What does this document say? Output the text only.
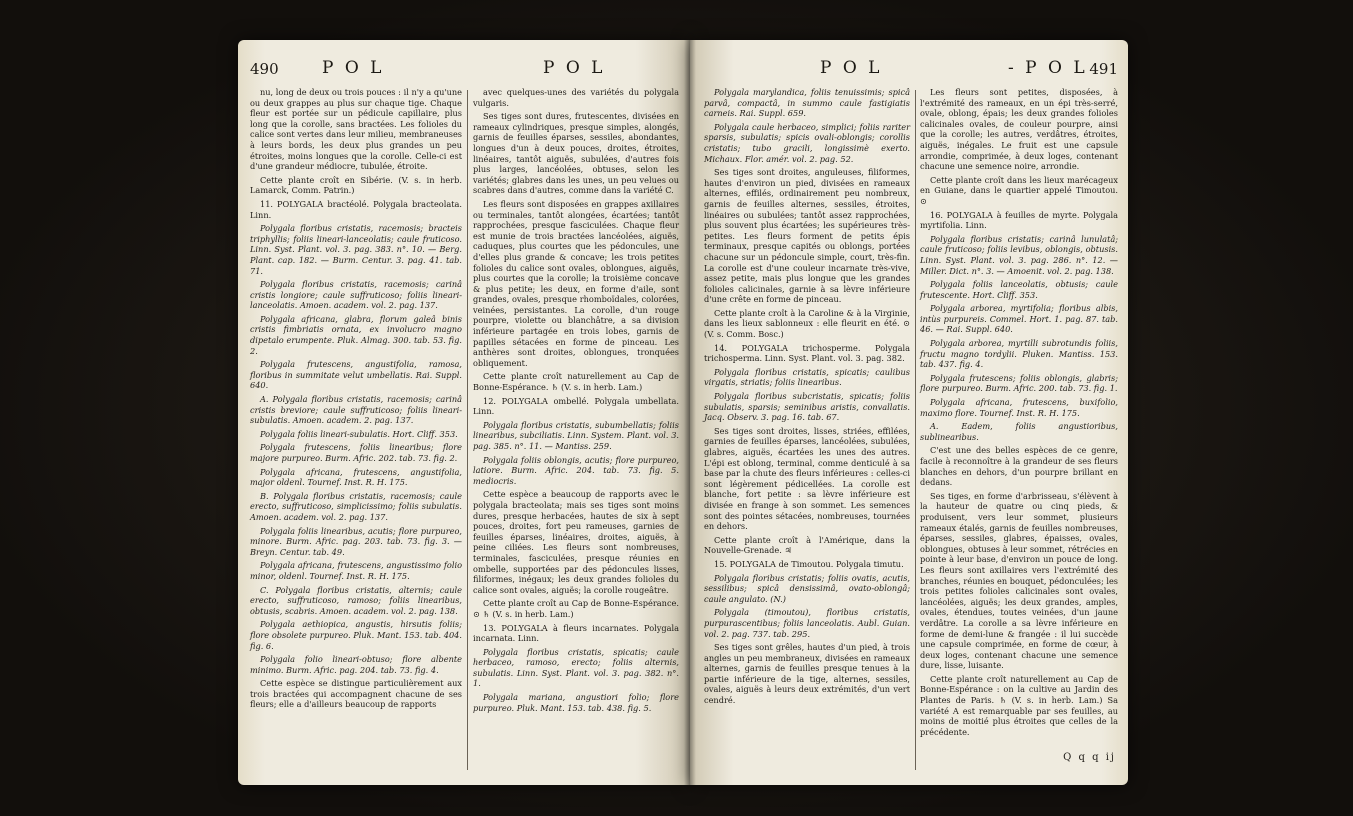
490	P O L	P O L

nu, long de deux ou trois pouces : il n'y a qu'une ou deux grappes au plus sur chaque tige. Chaque fleur est portée sur un pédicule capillaire, plus long que la corolle, sans bractées. Les folioles du calice sont vertes dans leur milieu, membraneuses à leurs bords, les deux plus grandes un peu étroites, moins longues que la corolle. Celle-ci est d'une grandeur médiocre, tubulée, étroite.

Cette plante croît en Sibérie. (V. s. in herb. Lamarck, Comm. Patrin.)

11. POLYGALA bractéolé. Polygala bracteolata. Linn.

Polygala floribus cristatis, racemosis; bracteis triphyllis; foliis lineari-lanceolatis; caule fruticoso. Linn. Syst. Plant. vol. 3. pag. 383. n°. 10. — Berg. Plant. cap. 182. — Burm. Centur. 3. pag. 41. tab. 71.

Polygala floribus cristatis, racemosis; carinâ cristis longiore; caule suffruticoso; foliis lineari-lanceolatis. Amoen. academ. vol. 2. pag. 137.

Polygala africana, glabra, florum galeâ binis cristis fimbriatis ornata, ex involucro magno dipetalo erumpente. Pluk. Almag. 300. tab. 53. fig. 2.

Polygala frutescens, angustifolia, ramosa, floribus in summitate velut umbellatis. Rai. Suppl. 640.

A. Polygala floribus cristatis, racemosis; carinâ cristis breviore; caule suffruticoso; foliis lineari-subulatis. Amoen. academ. 2. pag. 137.

Polygala foliis lineari-subulatis. Hort. Cliff. 353.

Polygala frutescens, foliis linearibus; flore majore purpureo. Burm. Afric. 202. tab. 73. fig. 2.

Polygala africana, frutescens, angustifolia, major oldenl. Tournef. Inst. R. H. 175.

B. Polygala floribus cristatis, racemosis; caule erecto, suffruticoso, simplicissimo; foliis subulatis. Amoen. academ. vol. 2. pag. 137.

Polygala foliis linearibus, acutis; flore purpureo, minore. Burm. Afric. pag. 203. tab. 73. fig. 3. — Breyn. Centur. tab. 49.

Polygala africana, frutescens, angustissimo folio minor, oldenl. Tournef. Inst. R. H. 175.

C. Polygala floribus cristatis, alternis; caule erecto, suffruticoso, ramoso; foliis linearibus, obtusis, scabris. Amoen. academ. vol. 2. pag. 138.

Polygala aethiopica, angustis, hirsutis foliis; flore obsolete purpureo. Pluk. Mant. 153. tab. 404. fig. 6.

Polygala folio lineari-obtuso; flore albente minimo. Burm. Afric. pag. 204. tab. 73. fig. 4.

Cette espèce se distingue particulièrement aux trois bractées qui accompagnent chacune de ses fleurs; elle a d'ailleurs beaucoup de rapports

avec quelques-unes des variétés du polygala vulgaris.

Ses tiges sont dures, frutescentes, divisées en rameaux cylindriques, presque simples, alongés, garnis de feuilles éparses, sessiles, abondantes, longues d'un à deux pouces, droites, étroites, linéaires, tantôt aiguës, subulées, d'autres fois plus larges, lancéolées, obtuses, selon les variétés; glabres dans les unes, un peu velues ou scabres dans d'autres, comme dans la variété C.

Les fleurs sont disposées en grappes axillaires ou terminales, tantôt alongées, écartées; tantôt rapprochées, presque fasciculées. Chaque fleur est munie de trois bractées lancéolées, aiguës, caduques, plus courtes que les pédoncules, une d'elles plus grande & concave; les trois petites folioles du calice sont ovales, oblongues, aiguës, plus courtes que la corolle; la troisième concave & plus petite; les deux, en forme d'aile, sont grandes, ovales, presque rhomboïdales, colorées, veinées, persistantes. La corolle, d'un rouge pourpre, violette ou blanchâtre, a sa division inférieure partagée en trois lobes, garnis de papilles sétacées en forme de pinceau. Les anthères sont droites, oblongues, tronquées obliquement.

Cette plante croît naturellement au Cap de Bonne-Espérance. ♄ (V. s. in herb. Lam.)

12. POLYGALA ombellé. Polygala umbellata. Linn.

Polygala floribus cristatis, subumbellatis; foliis linearibus, subciliatis. Linn. System. Plant. vol. 3. pag. 385. n°. 11. — Mantiss. 259.

Polygala foliis oblongis, acutis; flore purpureo, latiore. Burm. Afric. 204. tab. 73. fig. 5. mediocris.

Cette espèce a beaucoup de rapports avec le polygala bracteolata; mais ses tiges sont moins dures, presque herbacées, hautes de six à sept pouces, droites, fort peu rameuses, garnies de feuilles éparses, linéaires, droites, aiguës, à peine ciliées. Les fleurs sont nombreuses, terminales, fasciculées, presque réunies en ombelle, supportées par des pédoncules lisses, filiformes, inégaux; les deux grandes folioles du calice sont ovales, aiguës; la corolle rougeâtre.

Cette plante croît au Cap de Bonne-Espérance. ⊙ ♄ (V. s. in herb. Lam.)

13. POLYGALA à fleurs incarnates. Polygala incarnata. Linn.

Polygala floribus cristatis, spicatis; caule herbaceo, ramoso, erecto; foliis alternis, subulatis. Linn. Syst. Plant. vol. 3. pag. 382. n°. 1.

Polygala mariana, angustiori folio; flore purpureo. Pluk. Mant. 153. tab. 438. fig. 5.

P O L	- P O L 491

Polygala marylandica, foliis tenuissimis; spicâ parvâ, compactâ, in summo caule fastigiatis carneis. Rai. Suppl. 659.

Polygala caule herbaceo, simplici; foliis rariter sparsis, subulatis; spicis ovali-oblongis; corollis cristatis; tubo gracili, longissimè exerto. Michaux. Flor. amér. vol. 2. pag. 52.

Ses tiges sont droites, anguleuses, filiformes, hautes d'environ un pied, divisées en rameaux alternes, effilés, ordinairement peu nombreux, garnis de feuilles alternes, sessiles, étroites, linéaires ou subulées; tantôt assez rapprochées, plus souvent plus écartées; les supérieures très-petites. Les fleurs forment de petits épis terminaux, presque capités ou oblongs, portées chacune sur un pédoncule simple, court, très-fin. La corolle est d'une couleur incarnate très-vive, assez petite, mais plus longue que les grandes folioles calicinales, garnie à sa lèvre inférieure d'une crête en forme de pinceau.

Cette plante croît à la Caroline & à la Virginie, dans les lieux sablonneux : elle fleurit en été. ⊙ (V. s. Comm. Bosc.)

14. POLYGALA trichosperme. Polygala trichosperma. Linn. Syst. Plant. vol. 3. pag. 382.

Polygala floribus cristatis, spicatis; caulibus virgatis, striatis; foliis linearibus.

Polygala floribus subcristatis, spicatis; foliis subulatis, sparsis; seminibus aristis, convallatis. Jacq. Observ. 3. pag. 16. tab. 67.

Ses tiges sont droites, lisses, striées, effilées, garnies de feuilles éparses, lancéolées, subulées, glabres, aiguës, écartées les unes des autres. L'épi est oblong, terminal, comme denticulé à sa base par la chute des fleurs inférieures : celles-ci sont légèrement pédicellées. La corolle est blanche, fort petite : sa lèvre inférieure est divisée en frange à son sommet. Les semences sont des pointes sétacées, nombreuses, tournées en dehors.

Cette plante croît à l'Amérique, dans la Nouvelle-Grenade. ♃

15. POLYGALA de Timoutou. Polygala timutu.

Polygala floribus cristatis; foliis ovatis, acutis, sessilibus; spicâ densissimâ, ovato-oblongâ; caule angulato. (N.)

Polygala (timoutou), floribus cristatis, purpurascentibus; foliis lanceolatis. Aubl. Guian. vol. 2. pag. 737. tab. 295.

Ses tiges sont grêles, hautes d'un pied, à trois angles un peu membraneux, divisées en rameaux alternes, garnis de feuilles presque tenues à la partie inférieure de la tige, alternes, sessiles, ovales, aiguës à leurs deux extrémités, d'un vert cendré.

Les fleurs sont petites, disposées, à l'extrémité des rameaux, en un épi très-serré, ovale, oblong, épais; les deux grandes folioles calicinales ovales, de couleur pourpre, ainsi que la corolle; les autres, verdâtres, étroites, aiguës, inégales. Le fruit est une capsule arrondie, comprimée, à deux loges, contenant chacune une semence noire, arrondie.

Cette plante croît dans les lieux marécageux en Guiane, dans le quartier appelé Timoutou. ⊙

16. POLYGALA à feuilles de myrte. Polygala myrtifolia. Linn.

Polygala floribus cristatis; carinâ lunulatâ; caule fruticoso; foliis levibus, oblongis, obtusis. Linn. Syst. Plant. vol. 3. pag. 286. n°. 12. — Miller. Dict. n°. 3. — Amoenit. vol. 2. pag. 138.

Polygala foliis lanceolatis, obtusis; caule frutescente. Hort. Cliff. 353.

Polygala arborea, myrtifolia; floribus albis, intùs purpureis. Commel. Hort. 1. pag. 87. tab. 46. — Rai. Suppl. 640.

Polygala arborea, myrtilli subrotundis foliis, fructu magno tordylii. Pluken. Mantiss. 153. tab. 437. fig. 4.

Polygala frutescens; foliis oblongis, glabris; flore purpureo. Burm. Afric. 200. tab. 73. fig. 1.

Polygala africana, frutescens, buxifolio, maximo flore. Tournef. Inst. R. H. 175.

A. Eadem, foliis angustioribus, sublinearibus.

C'est une des belles espèces de ce genre, facile à reconnoître à la grandeur de ses fleurs blanches en dehors, d'un pourpre brillant en dedans.

Ses tiges, en forme d'arbrisseau, s'élèvent à la hauteur de quatre ou cinq pieds, & produisent, vers leur sommet, plusieurs rameaux étalés, garnis de feuilles nombreuses, éparses, sessiles, glabres, épaisses, ovales, oblongues, obtuses à leur sommet, rétrécies en pointe à leur base, d'environ un pouce de long. Les fleurs sont axillaires vers l'extrémité des branches, réunies en bouquet, pédonculées; les trois petites folioles calicinales sont ovales, lancéolées, aiguës; les deux grandes, amples, ovales, étendues, toutes veinées, d'un jaune verdâtre. La corolle a sa lèvre inférieure en forme de demi-lune & frangée : il lui succède une capsule comprimée, en forme de cœur, à deux loges, contenant chacune une semence dure, lisse, luisante.

Cette plante croît naturellement au Cap de Bonne-Espérance : on la cultive au Jardin des Plantes de Paris. ♄ (V. s. in herb. Lam.) Sa variété A est remarquable par ses feuilles, au moins de moitié plus étroites que celles de la précédente.

Q q q ij
